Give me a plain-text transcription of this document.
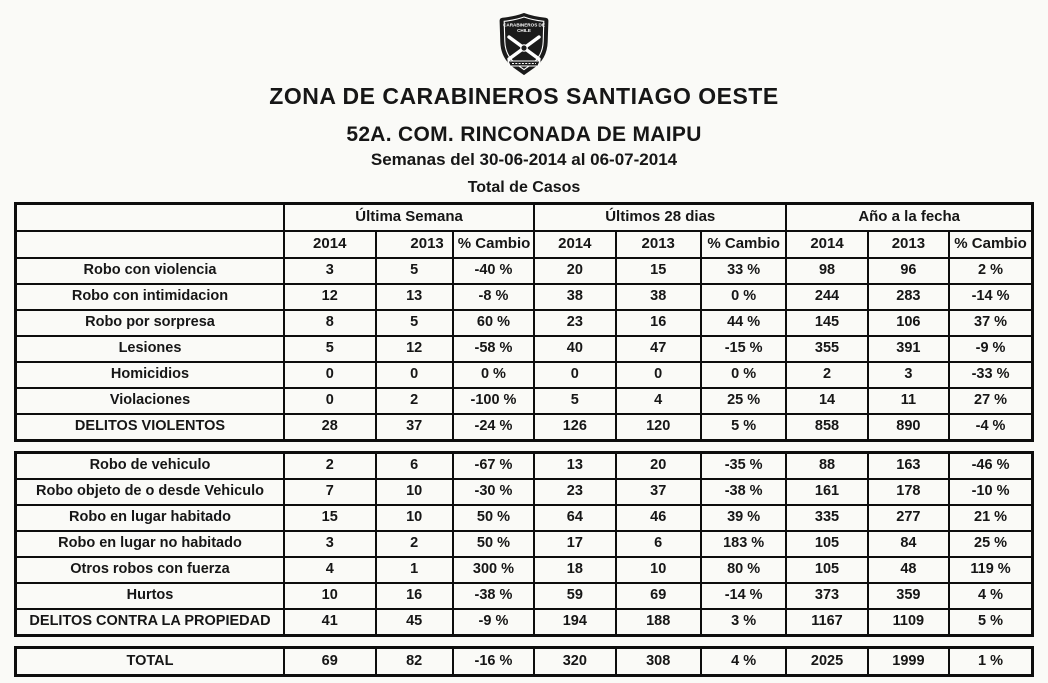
CARABINEROS DE
CHILE
ZONA DE CARABINEROS SANTIAGO OESTE
52A. COM. RINCONADA DE MAIPU
Semanas del 30-06-2014 al 06-07-2014
Total de Casos
	Última Semana			Últimos 28 dias			Año a la fecha		
	2014	2013	% Cambio	2014	2013	% Cambio	2014	2013	% Cambio
Robo con violencia	3	5	-40 %	20	15	33 %	98	96	2 %
Robo con intimidacion	12	13	-8 %	38	38	0 %	244	283	-14 %
Robo por sorpresa	8	5	60 %	23	16	44 %	145	106	37 %
Lesiones	5	12	-58 %	40	47	-15 %	355	391	-9 %
Homicidios	0	0	0 %	0	0	0 %	2	3	-33 %
Violaciones	0	2	-100 %	5	4	25 %	14	11	27 %
DELITOS VIOLENTOS	28	37	-24 %	126	120	5 %	858	890	-4 %
Robo de vehiculo	2	6	-67 %	13	20	-35 %	88	163	-46 %
Robo objeto de o desde Vehiculo	7	10	-30 %	23	37	-38 %	161	178	-10 %
Robo en lugar habitado	15	10	50 %	64	46	39 %	335	277	21 %
Robo en lugar no habitado	3	2	50 %	17	6	183 %	105	84	25 %
Otros robos con fuerza	4	1	300 %	18	10	80 %	105	48	119 %
Hurtos	10	16	-38 %	59	69	-14 %	373	359	4 %
DELITOS CONTRA LA PROPIEDAD	41	45	-9 %	194	188	3 %	1167	1109	5 %
TOTAL	69	82	-16 %	320	308	4 %	2025	1999	1 %
